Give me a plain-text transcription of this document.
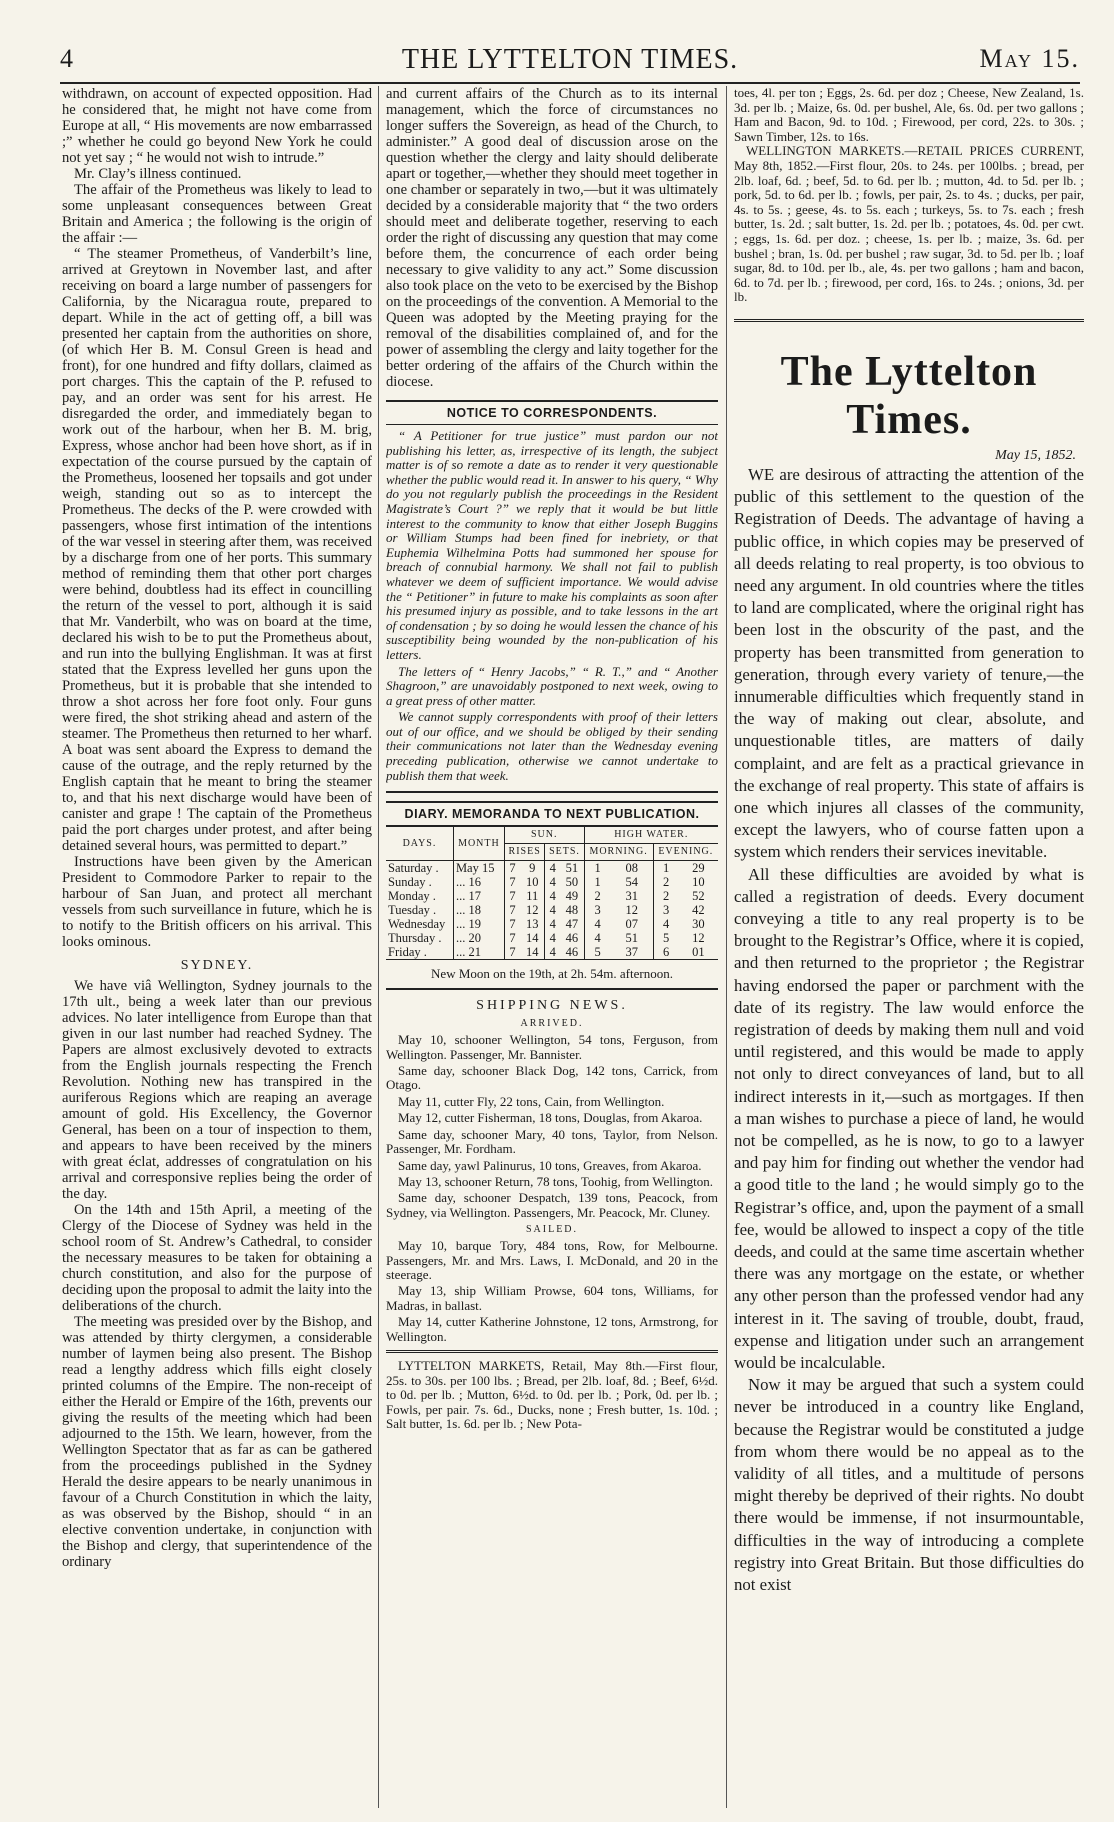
4	THE LYTTELTON TIMES.	May 15.

withdrawn, on account of expected opposition. Had he considered that, he might not have come from Europe at all, “ His movements are now embarrassed ;” whether he could go beyond New York he could not yet say ; “ he would not wish to intrude.”

Mr. Clay’s illness continued.

The affair of the Prometheus was likely to lead to some unpleasant consequences between Great Britain and America ; the following is the origin of the affair :—

“ The steamer Prometheus, of Vanderbilt’s line, arrived at Greytown in November last, and after receiving on board a large number of passengers for California, by the Nicaragua route, prepared to depart. While in the act of getting off, a bill was presented her captain from the authorities on shore, (of which Her B. M. Consul Green is head and front), for one hundred and fifty dollars, claimed as port charges. This the captain of the P. refused to pay, and an order was sent for his arrest. He disregarded the order, and immediately began to work out of the harbour, when her B. M. brig, Express, whose anchor had been hove short, as if in expectation of the course pursued by the captain of the Prometheus, loosened her topsails and got under weigh, standing out so as to intercept the Prometheus. The decks of the P. were crowded with passengers, whose first intimation of the intentions of the war vessel in steering after them, was received by a discharge from one of her ports. This summary method of reminding them that other port charges were behind, doubtless had its effect in councilling the return of the vessel to port, although it is said that Mr. Vanderbilt, who was on board at the time, declared his wish to be to put the Prometheus about, and run into the bullying Englishman. It was at first stated that the Express levelled her guns upon the Prometheus, but it is probable that she intended to throw a shot across her fore foot only. Four guns were fired, the shot striking ahead and astern of the steamer. The Prometheus then returned to her wharf. A boat was sent aboard the Express to demand the cause of the outrage, and the reply returned by the English captain that he meant to bring the steamer to, and that his next discharge would have been of canister and grape ! The captain of the Prometheus paid the port charges under protest, and after being detained several hours, was permitted to depart.”

Instructions have been given by the American President to Commodore Parker to repair to the harbour of San Juan, and protect all merchant vessels from such surveillance in future, which he is to notify to the British officers on his arrival. This looks ominous.

SYDNEY.

We have viâ Wellington, Sydney journals to the 17th ult., being a week later than our previous advices. No later intelligence from Europe than that given in our last number had reached Sydney. The Papers are almost exclusively devoted to extracts from the English journals respecting the French Revolution. Nothing new has transpired in the auriferous Regions which are reaping an average amount of gold. His Excellency, the Governor General, has been on a tour of inspection to them, and appears to have been received by the miners with great éclat, addresses of congratulation on his arrival and corresponsive replies being the order of the day.

On the 14th and 15th April, a meeting of the Clergy of the Diocese of Sydney was held in the school room of St. Andrew’s Cathedral, to consider the necessary measures to be taken for obtaining a church constitution, and also for the purpose of deciding upon the proposal to admit the laity into the deliberations of the church.

The meeting was presided over by the Bishop, and was attended by thirty clergymen, a considerable number of laymen being also present. The Bishop read a lengthy address which fills eight closely printed columns of the Empire. The non-receipt of either the Herald or Empire of the 16th, prevents our giving the results of the meeting which had been adjourned to the 15th. We learn, however, from the Wellington Spectator that as far as can be gathered from the proceedings published in the Sydney Herald the desire appears to be nearly unanimous in favour of a Church Constitution in which the laity, as was observed by the Bishop, should “ in an elective convention undertake, in conjunction with the Bishop and clergy, that superintendence of the ordinary

and current affairs of the Church as to its internal management, which the force of circumstances no longer suffers the Sovereign, as head of the Church, to administer.” A good deal of discussion arose on the question whether the clergy and laity should deliberate apart or together,—whether they should meet together in one chamber or separately in two,—but it was ultimately decided by a considerable majority that “ the two orders should meet and deliberate together, reserving to each order the right of discussing any question that may come before them, the concurrence of each order being necessary to give validity to any act.” Some discussion also took place on the veto to be exercised by the Bishop on the proceedings of the convention. A Memorial to the Queen was adopted by the Meeting praying for the removal of the disabilities complained of, and for the power of assembling the clergy and laity together for the better ordering of the affairs of the Church within the diocese.

NOTICE TO CORRESPONDENTS.

“ A Petitioner for true justice” must pardon our not publishing his letter, as, irrespective of its length, the subject matter is of so remote a date as to render it very questionable whether the public would read it. In answer to his query, “ Why do you not regularly publish the proceedings in the Resident Magistrate’s Court ?” we reply that it would be but little interest to the community to know that either Joseph Buggins or William Stumps had been fined for inebriety, or that Euphemia Wilhelmina Potts had summoned her spouse for breach of connubial harmony. We shall not fail to publish whatever we deem of sufficient importance. We would advise the “ Petitioner” in future to make his complaints as soon after his presumed injury as possible, and to take lessons in the art of condensation ; by so doing he would lessen the chance of his susceptibility being wounded by the non-publication of his letters.

The letters of “ Henry Jacobs,” “ R. T.,” and “ Another Shagroon,” are unavoidably postponed to next week, owing to a great press of other matter.

We cannot supply correspondents with proof of their letters out of our office, and we should be obliged by their sending their communications not later than the Wednesday evening preceding publication, otherwise we cannot undertake to publish them that week.

DIARY. MEMORANDA TO NEXT PUBLICATION.
DAYS.	MONTH	SUN.				HIGH WATER.			
		RISES		SETS.		MORNING.		EVENING.	
Saturday .	May 15	7	9	4	51	1	08	1	29
Sunday .	... 16	7	10	4	50	1	54	2	10
Monday .	... 17	7	11	4	49	2	31	2	52
Tuesday .	... 18	7	12	4	48	3	12	3	42
Wednesday	... 19	7	13	4	47	4	07	4	30
Thursday .	... 20	7	14	4	46	4	51	5	12
Friday .	... 21	7	14	4	46	5	37	6	01
New Moon on the 19th, at 2h. 54m. afternoon.
SHIPPING NEWS.
ARRIVED.

May 10, schooner Wellington, 54 tons, Ferguson, from Wellington. Passenger, Mr. Bannister.

Same day, schooner Black Dog, 142 tons, Carrick, from Otago.

May 11, cutter Fly, 22 tons, Cain, from Wellington.

May 12, cutter Fisherman, 18 tons, Douglas, from Akaroa.

Same day, schooner Mary, 40 tons, Taylor, from Nelson. Passenger, Mr. Fordham.

Same day, yawl Palinurus, 10 tons, Greaves, from Akaroa.

May 13, schooner Return, 78 tons, Toohig, from Wellington.

Same day, schooner Despatch, 139 tons, Peacock, from Sydney, via Wellington. Passengers, Mr. Peacock, Mr. Cluney.

SAILED.

May 10, barque Tory, 484 tons, Row, for Melbourne. Passengers, Mr. and Mrs. Laws, I. McDonald, and 20 in the steerage.

May 13, ship William Prowse, 604 tons, Williams, for Madras, in ballast.

May 14, cutter Katherine Johnstone, 12 tons, Armstrong, for Wellington.

LYTTELTON MARKETS, Retail, May 8th.—First flour, 25s. to 30s. per 100 lbs. ; Bread, per 2lb. loaf, 8d. ; Beef, 6½d. to 0d. per lb. ; Mutton, 6½d. to 0d. per lb. ; Pork, 0d. per lb. ; Fowls, per pair. 7s. 6d., Ducks, none ; Fresh butter, 1s. 10d. ; Salt butter, 1s. 6d. per lb. ; New Pota-

toes, 4l. per ton ; Eggs, 2s. 6d. per doz ; Cheese, New Zealand, 1s. 3d. per lb. ; Maize, 6s. 0d. per bushel, Ale, 6s. 0d. per two gallons ; Ham and Bacon, 9d. to 10d. ; Firewood, per cord, 22s. to 30s. ; Sawn Timber, 12s. to 16s.

WELLINGTON MARKETS.—RETAIL PRICES CURRENT, May 8th, 1852.—First flour, 20s. to 24s. per 100lbs. ; bread, per 2lb. loaf, 6d. ; beef, 5d. to 6d. per lb. ; mutton, 4d. to 5d. per lb. ; pork, 5d. to 6d. per lb. ; fowls, per pair, 2s. to 4s. ; ducks, per pair, 4s. to 5s. ; geese, 4s. to 5s. each ; turkeys, 5s. to 7s. each ; fresh butter, 1s. 2d. ; salt butter, 1s. 2d. per lb. ; potatoes, 4s. 0d. per cwt. ; eggs, 1s. 6d. per doz. ; cheese, 1s. per lb. ; maize, 3s. 6d. per bushel ; bran, 1s. 0d. per bushel ; raw sugar, 3d. to 5d. per lb. ; loaf sugar, 8d. to 10d. per lb., ale, 4s. per two gallons ; ham and bacon, 6d. to 7d. per lb. ; firewood, per cord, 16s. to 24s. ; onions, 3d. per lb.

The Lyttelton Times.
May 15, 1852.

WE are desirous of attracting the attention of the public of this settlement to the question of the Registration of Deeds. The advantage of having a public office, in which copies may be preserved of all deeds relating to real property, is too obvious to need any argument. In old countries where the titles to land are complicated, where the original right has been lost in the obscurity of the past, and the property has been transmitted from generation to generation, through every variety of tenure,—the innumerable difficulties which frequently stand in the way of making out clear, absolute, and unquestionable titles, are matters of daily complaint, and are felt as a practical grievance in the exchange of real property. This state of affairs is one which injures all classes of the community, except the lawyers, who of course fatten upon a system which renders their services inevitable.

All these difficulties are avoided by what is called a registration of deeds. Every document conveying a title to any real property is to be brought to the Registrar’s Office, where it is copied, and then returned to the proprietor ; the Registrar having endorsed the paper or parchment with the date of its registry. The law would enforce the registration of deeds by making them null and void until registered, and this would be made to apply not only to direct conveyances of land, but to all indirect interests in it,—such as mortgages. If then a man wishes to purchase a piece of land, he would not be compelled, as he is now, to go to a lawyer and pay him for finding out whether the vendor had a good title to the land ; he would simply go to the Registrar’s office, and, upon the payment of a small fee, would be allowed to inspect a copy of the title deeds, and could at the same time ascertain whether there was any mortgage on the estate, or whether any other person than the professed vendor had any interest in it. The saving of trouble, doubt, fraud, expense and litigation under such an arrangement would be incalculable.

Now it may be argued that such a system could never be introduced in a country like England, because the Registrar would be constituted a judge from whom there would be no appeal as to the validity of all titles, and a multitude of persons might thereby be deprived of their rights. No doubt there would be immense, if not insurmountable, difficulties in the way of introducing a complete registry into Great Britain. But those difficulties do not exist
